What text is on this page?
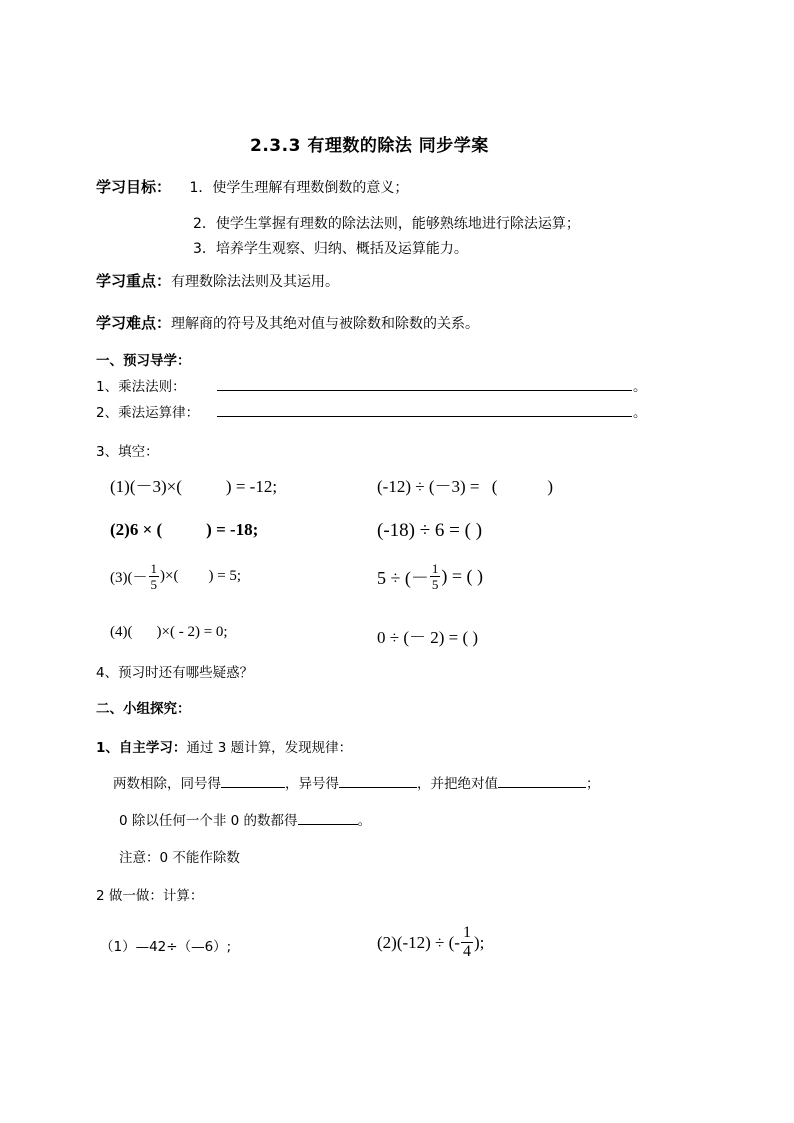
2.3.3 有理数的除法 同步学案
学习目标： 1．使学生理解有理数倒数的意义；
2．使学生掌握有理数的除法法则，能够熟练地进行除法运算；
3．培养学生观察、归纳、概括及运算能力。
学习重点：有理数除法法则及其运用。
学习难点：理解商的符号及其绝对值与被除数和除数的关系。
一、预习导学：
1、乘法法则：	。
2、乘法运算律：	。
3、填空：
(1)(－3)×(	) = -12;	(-12) ÷ (－3) = (	)
(2)6 × (	) = -18;	(-18) ÷ 6 = ( )
$(3)(- \frac{1}{5}$ )×( ) = 5;	5 ÷ (－ $\frac{1}{5}$ ) = ( )
(4)( )×( - 2) = 0;	0 ÷ (－ 2) = ( )
4、预习时还有哪些疑惑？
二、小组探究：
1、自主学习：通过 3 题计算，发现规律：
两数相除，同号得	，异号得	，并把绝对值	；
0 除以任何一个非 0 的数都得	。
注意：0 不能作除数
2 做一做：计算：
（1）—42÷（—6）;	(2)(-12) ÷ (- $\frac{1}{4}$ );
